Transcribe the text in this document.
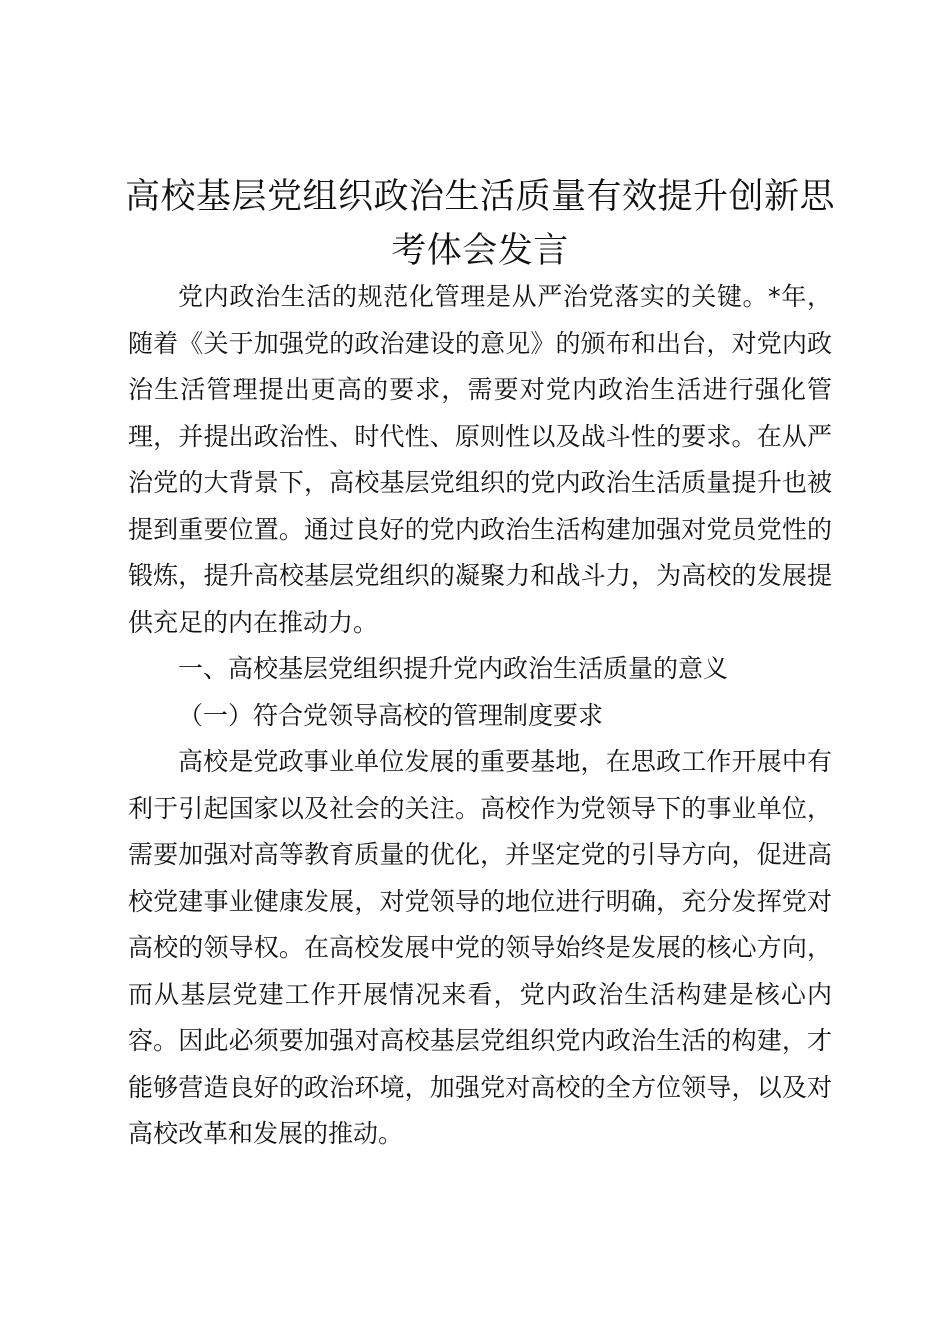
高校基层党组织政治生活质量有效提升创新思
考体会发言

党内政治生活的规范化管理是从严治党落实的关键。*年，随着《关于加强党的政治建设的意见》的颁布和出台，对党内政治生活管理提出更高的要求，需要对党内政治生活进行强化管理，并提出政治性、时代性、原则性以及战斗性的要求。在从严治党的大背景下，高校基层党组织的党内政治生活质量提升也被提到重要位置。通过良好的党内政治生活构建加强对党员党性的锻炼，提升高校基层党组织的凝聚力和战斗力，为高校的发展提供充足的内在推动力。

一、高校基层党组织提升党内政治生活质量的意义

（一）符合党领导高校的管理制度要求

高校是党政事业单位发展的重要基地，在思政工作开展中有利于引起国家以及社会的关注。高校作为党领导下的事业单位，需要加强对高等教育质量的优化，并坚定党的引导方向，促进高校党建事业健康发展，对党领导的地位进行明确，充分发挥党对高校的领导权。在高校发展中党的领导始终是发展的核心方向，而从基层党建工作开展情况来看，党内政治生活构建是核心内容。因此必须要加强对高校基层党组织党内政治生活的构建，才能够营造良好的政治环境，加强党对高校的全方位领导，以及对高校改革和发展的推动。
